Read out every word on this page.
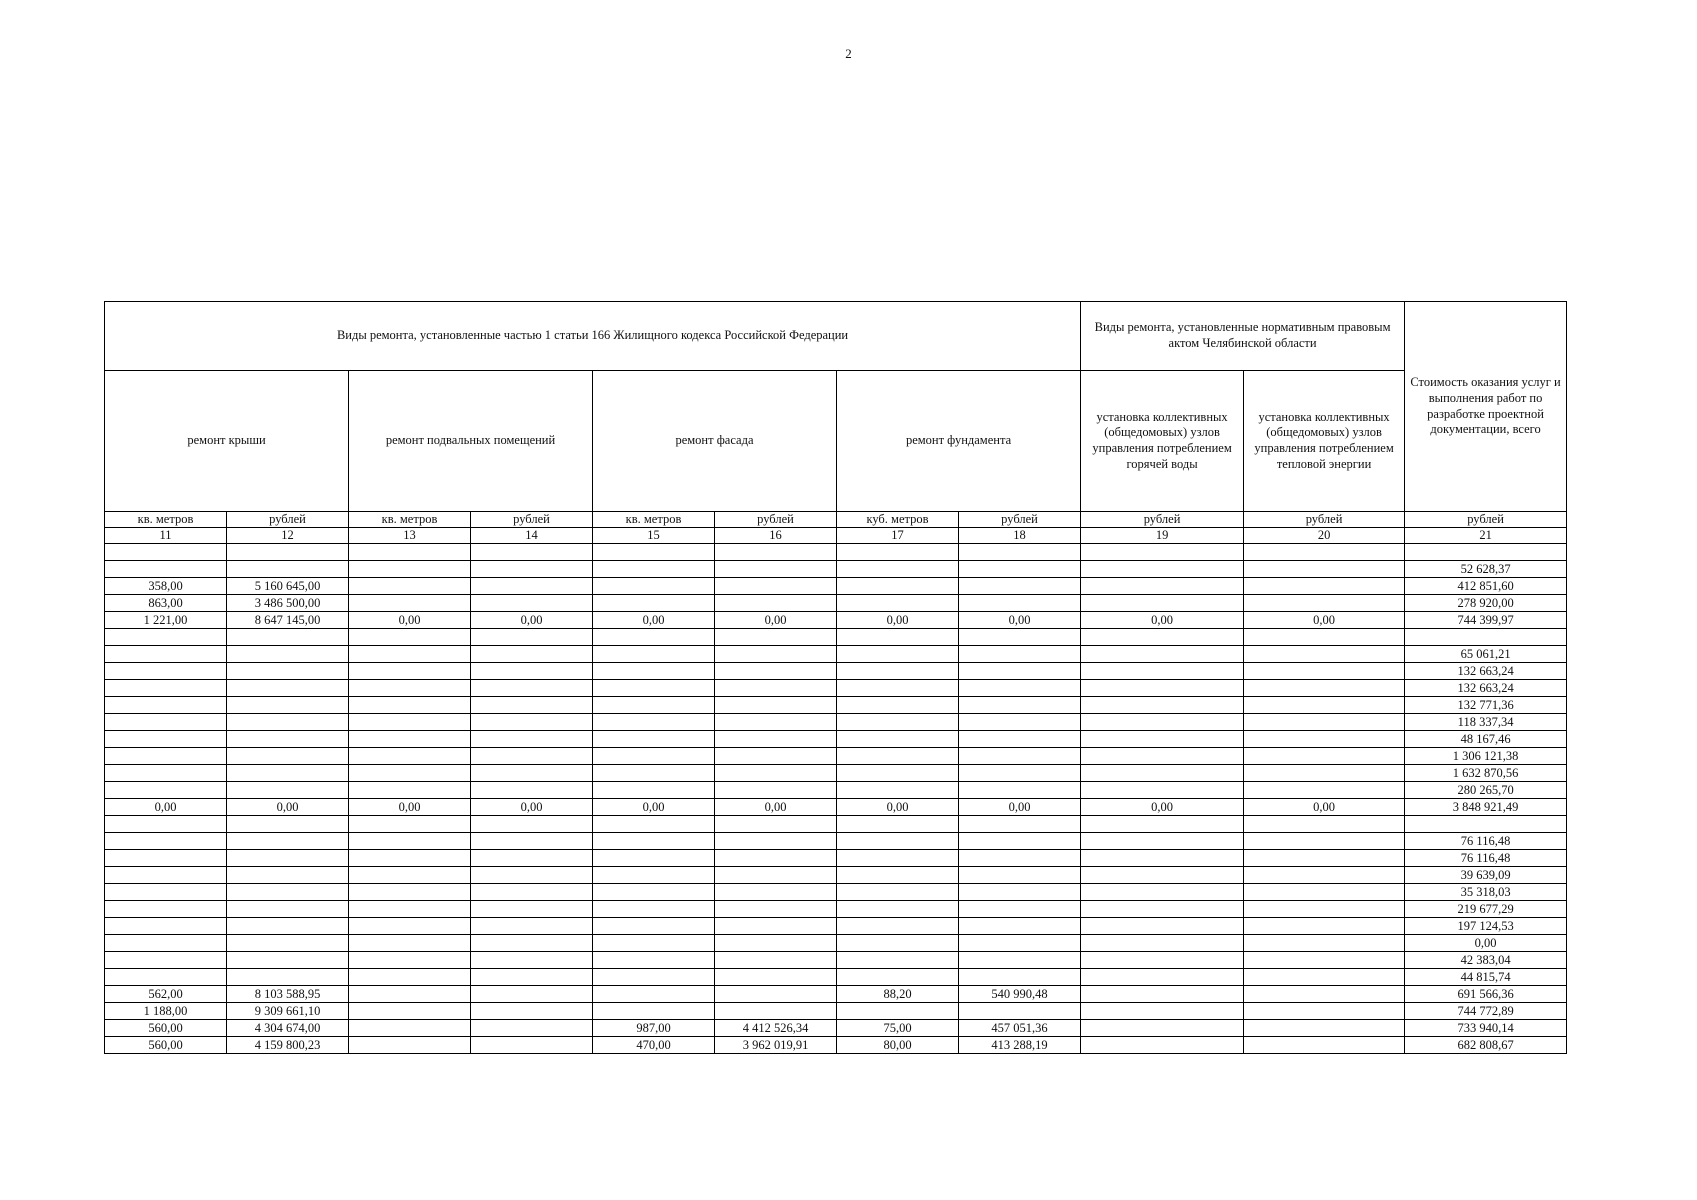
2
Виды ремонта, установленные частью 1 статьи 166 Жилищного кодекса Российской Федерации								Виды ремонта, установленные нормативным правовым актом Челябинской области		Стоимость оказания услуг и выполнения работ по разработке проектной документации, всего
ремонт крыши		ремонт подвальных помещений		ремонт фасада		ремонт фундамента		установка коллективных (общедомовых) узлов управления потреблением горячей воды	установка коллективных (общедомовых) узлов управления потреблением тепловой энергии	
кв. метров	рублей	кв. метров	рублей	кв. метров	рублей	куб. метров	рублей	рублей	рублей	рублей
11	12	13	14	15	16	17	18	19	20	21

										52 628,37
358,00	5 160 645,00									412 851,60
863,00	3 486 500,00									278 920,00
1 221,00	8 647 145,00	0,00	0,00	0,00	0,00	0,00	0,00	0,00	0,00	744 399,97

										65 061,21
										132 663,24
										132 663,24
										132 771,36
										118 337,34
										48 167,46
										1 306 121,38
										1 632 870,56
										280 265,70
0,00	0,00	0,00	0,00	0,00	0,00	0,00	0,00	0,00	0,00	3 848 921,49

										76 116,48
										76 116,48
										39 639,09
										35 318,03
										219 677,29
										197 124,53
										0,00
										42 383,04
										44 815,74
562,00	8 103 588,95					88,20	540 990,48			691 566,36
1 188,00	9 309 661,10									744 772,89
560,00	4 304 674,00			987,00	4 412 526,34	75,00	457 051,36			733 940,14
560,00	4 159 800,23			470,00	3 962 019,91	80,00	413 288,19			682 808,67
